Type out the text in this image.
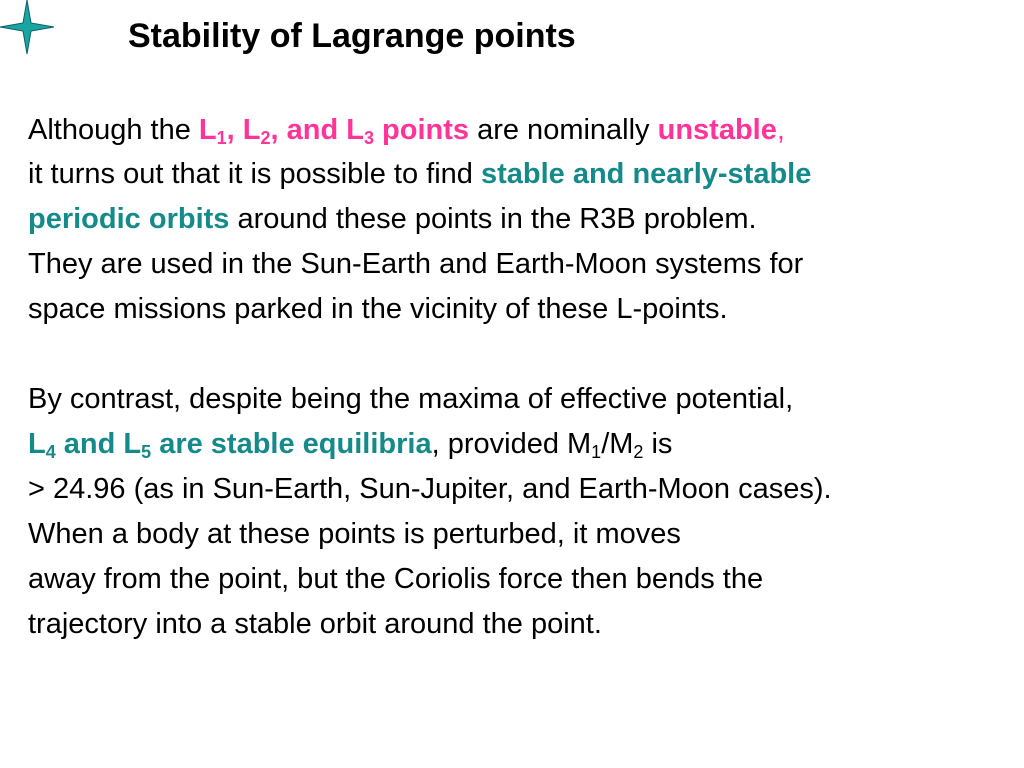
Stability of Lagrange points
Although the $L_1$, $L_2$, and $L_3$ points are nominally unstable,
it turns out that it is possible to find stable and nearly-stable
periodic orbits around these points in the R3B problem.
They are used in the Sun-Earth and Earth-Moon systems for
space missions parked in the vicinity of these L-points.
By contrast, despite being the maxima of effective potential,
$L_4$ and $L_5$ are stable equilibria, provided $M_1/M_2$ is
> 24.96 (as in Sun-Earth, Sun-Jupiter, and Earth-Moon cases).
When a body at these points is perturbed, it moves
away from the point, but the Coriolis force then bends the
trajectory into a stable orbit around the point.
